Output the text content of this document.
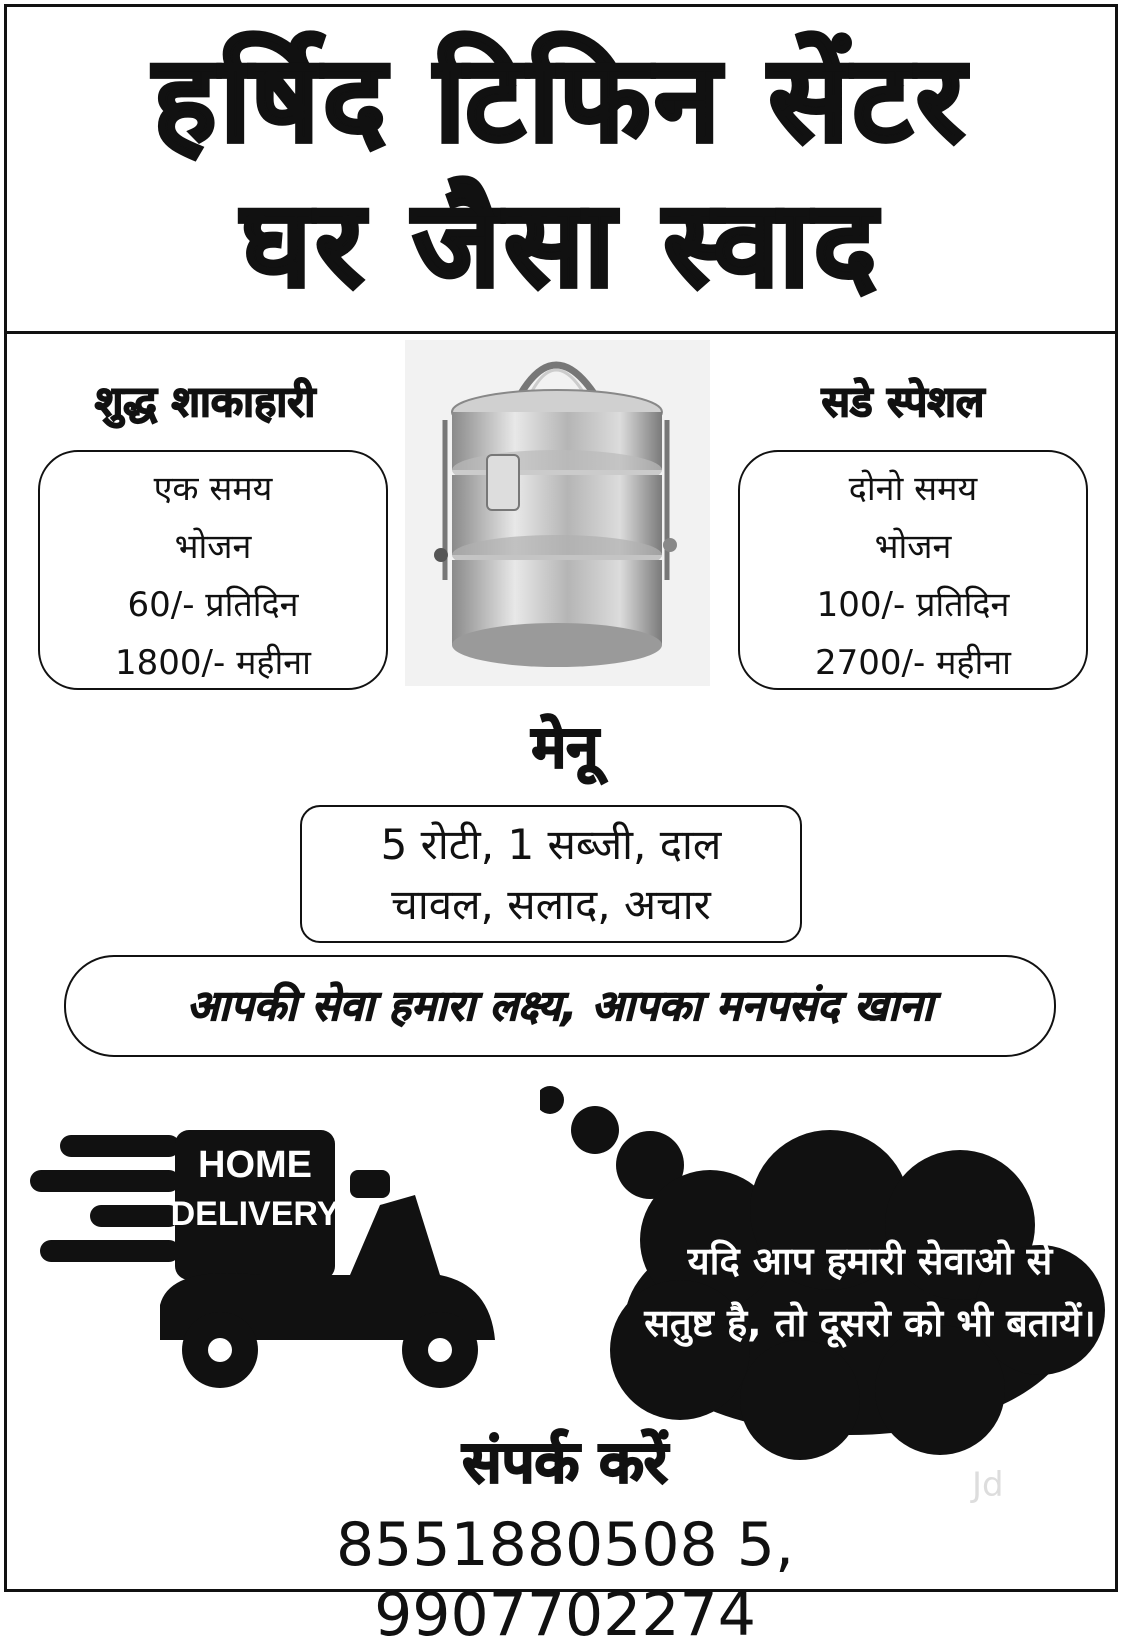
हर्षिद टिफिन सेंटर
घर जैसा स्वाद
शुद्ध शाकाहारी	सडे स्पेशल
एक समय
भोजन
60/- प्रतिदिन
1800/- महीना
दोनो समय
भोजन
100/- प्रतिदिन
2700/- महीना
मेनू
5 रोटी, 1 सब्जी, दाल
चावल, सलाद, अचार
आपकी सेवा हमारा लक्ष्य, आपका मनपसंद खाना
HOME
DELIVERY
यदि आप हमारी सेवाओ से
सतुष्ट है, तो दूसरो को भी बतायें।
संपर्क करें
8551880508 5, 9907702274
Jd
